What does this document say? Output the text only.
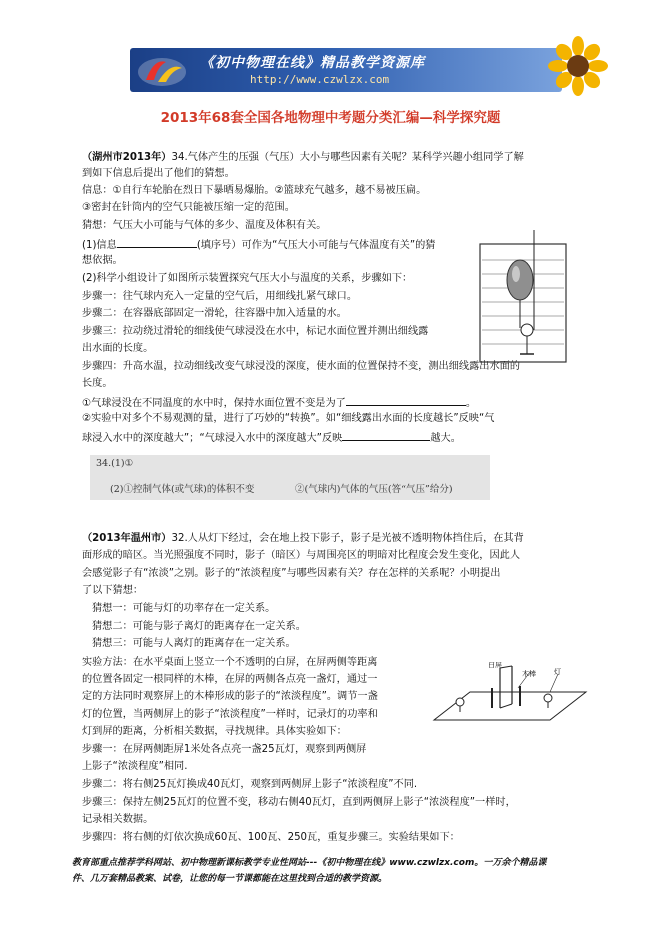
《初中物理在线》精品教学资源库
http://www.czwlzx.com
2013年68套全国各地物理中考题分类汇编—科学探究题
（湖州市2013年）34.气体产生的压强（气压）大小与哪些因素有关呢？某科学兴趣小组同学了解
到如下信息后提出了他们的猜想。
信息：①自行车轮胎在烈日下暴晒易爆胎。②篮球充气越多，越不易被压扁。
③密封在针筒内的空气只能被压缩一定的范围。
猜想：气压大小可能与气体的多少、温度及体积有关。
(1)信息	(填序号）可作为“气压大小可能与气体温度有关”的猜
想依据。
(2)科学小组设计了如图所示装置探究气压大小与温度的关系，步骤如下：
步骤一：往气球内充入一定量的空气后，用细线扎紧气球口。
步骤二：在容器底部固定一滑轮，往容器中加入适量的水。
步骤三：拉动绕过滑轮的细线使气球浸没在水中，标记水面位置并测出细线露
出水面的长度。
步骤四：升高水温，拉动细线改变气球浸没的深度，使水面的位置保持不变，测出细线露出水面的
长度。
①气球浸没在不同温度的水中时，保持水面位置不变是为了	。
②实验中对多个不易观测的量，进行了巧妙的“转换”。如“细线露出水面的长度越长”反映“气
球浸入水中的深度越大”；“气球浸入水中的深度越大”反映	越大。
34.(1)①
(2)①控制气体(或气球)的体积不变	②(气球内)气体的气压(答“气压”给分)
（2013年温州市）32.人从灯下经过，会在地上投下影子，影子是光被不透明物体挡住后，在其背
面形成的暗区。当光照强度不同时，影子（暗区）与周围亮区的明暗对比程度会发生变化，因此人
会感觉影子有“浓淡”之别。影子的“浓淡程度”与哪些因素有关？存在怎样的关系呢？小明提出
了以下猜想：
猜想一：可能与灯的功率存在一定关系。
猜想二：可能与影子离灯的距离存在一定关系。
猜想三：可能与人离灯的距离存在一定关系。
实验方法：在水平桌面上竖立一个不透明的白屏，在屏两侧等距离
的位置各固定一根同样的木棒，在屏的两侧各点亮一盏灯，通过一
定的方法同时观察屏上的木棒形成的影子的“浓淡程度”。调节一盏
灯的位置，当两侧屏上的影子“浓淡程度”一样时，记录灯的功率和
灯到屏的距离，分析相关数据，寻找规律。具体实验如下：
步骤一：在屏两侧距屏1米处各点亮一盏25瓦灯，观察到两侧屏
上影子“浓淡程度”相同.
步骤二：将右侧25瓦灯换成40瓦灯，观察到两侧屏上影子“浓淡程度”不同.
步骤三：保持左侧25瓦灯的位置不变，移动右侧40瓦灯，直到两侧屏上影子“浓淡程度”一样时，
记录相关数据。
步骤四：将右侧的灯依次换成60瓦、100瓦、250瓦，重复步骤三。实验结果如下：
白屏
木棒	灯
教育部重点推荐学科网站、初中物理新课标教学专业性网站---《初中物理在线》www.czwlzx.com。一万余个精品课
件、几万套精品教案、试卷，让您的每一节课都能在这里找到合适的教学资源。
